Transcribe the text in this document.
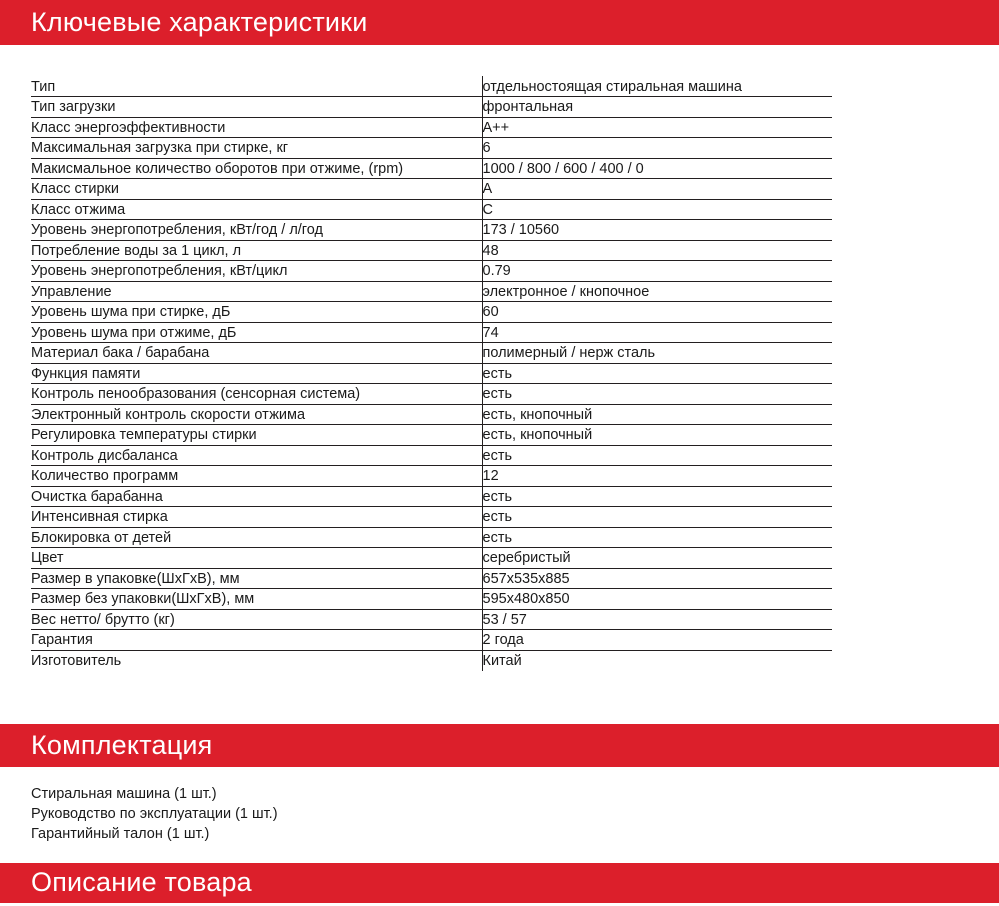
Ключевые характеристики
Тип	отдельностоящая стиральная машина
Тип загрузки	фронтальная
Класс энергоэффективности	A++
Максимальная загрузка при стирке, кг	6
Макисмальное количество оборотов при отжиме, (rpm)	1000 / 800 / 600 / 400 / 0
Класс стирки	A
Класс отжима	C
Уровень энергопотребления, кВт/год / л/год	173 / 10560
Потребление воды за 1 цикл, л	48
Уровень энергопотребления, кВт/цикл	0.79
Управление	электронное / кнопочное
Уровень шума при стирке, дБ	60
Уровень шума при отжиме, дБ	74
Материал бака / барабана	полимерный / нерж сталь
Функция памяти	есть
Контроль пенообразования (сенсорная система)	есть
Электронный контроль скорости отжима	есть, кнопочный
Регулировка температуры стирки	есть, кнопочный
Контроль дисбаланса	есть
Количество программ	12
Очистка барабанна	есть
Интенсивная стирка	есть
Блокировка от детей	есть
Цвет	серебристый
Размер в упаковке(ШхГхВ), мм	657x535x885
Размер без упаковки(ШхГхВ), мм	595x480x850
Вес нетто/ брутто (кг)	53 / 57
Гарантия	2 года
Изготовитель	Китай
Комплектация
Стиральная машина (1 шт.)
Руководство по эксплуатации (1 шт.)
Гарантийный талон (1 шт.)
Описание товара
